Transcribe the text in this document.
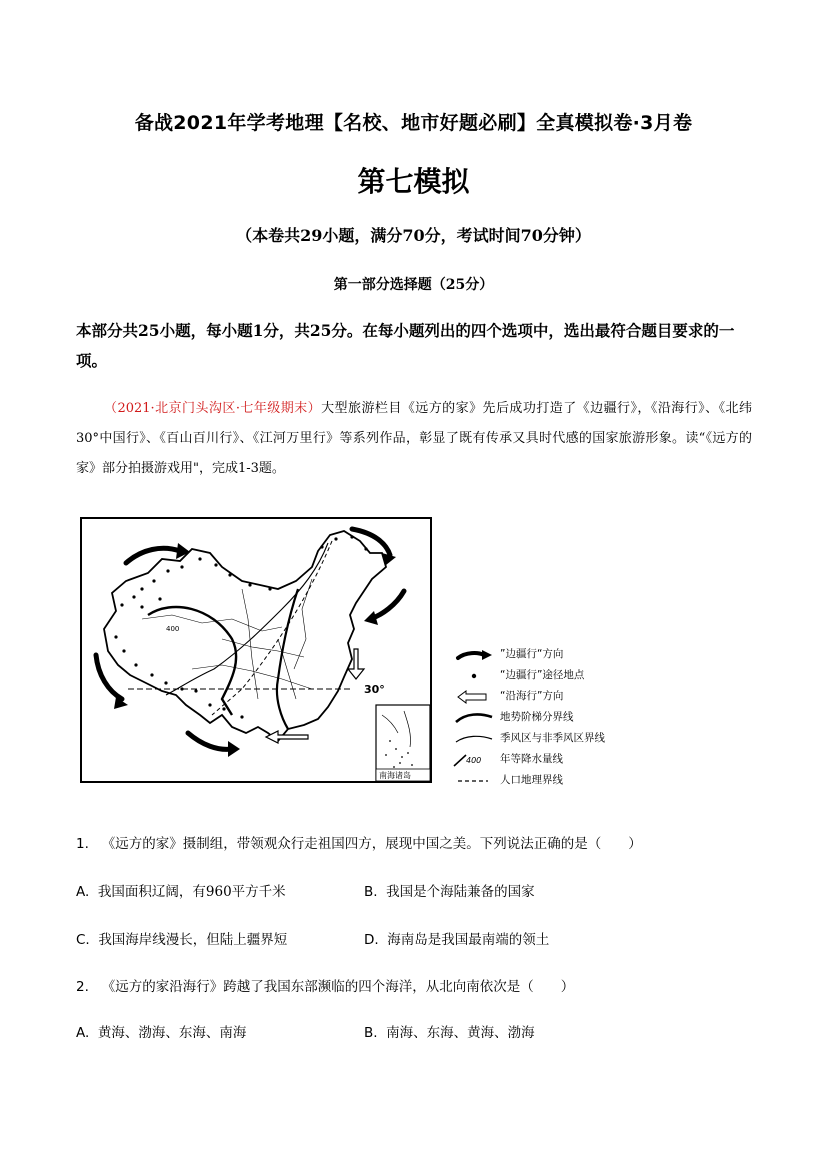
备战2021年学考地理【名校、地市好题必刷】全真模拟卷·3月卷
第七模拟
（本卷共29小题，满分70分，考试时间70分钟）
第一部分选择题（25分）
本部分共25小题，每小题1分，共25分。在每小题列出的四个选项中，选出最符合题目要求的一项。
（2021·北京门头沟区·七年级期末）大型旅游栏目《远方的家》先后成功打造了《边疆行》，《沿海行》、《北纬30°中国行》、《百山百川行》、《江河万里行》等系列作品，彰显了既有传承又具时代感的国家旅游形象。读“《远方的家》部分拍摄游戏用"，完成1-3题。
30°
400
南海诸岛
”边疆行“方向
“边疆行”途径地点
“沿海行”方向
地势阶梯分界线
季风区与非季风区界线
400 年等降水量线
人口地理界线
1. 《远方的家》摄制组，带领观众行走祖国四方，展现中国之美。下列说法正确的是（　　）
A. 我国面积辽阔，有960平方千米	B. 我国是个海陆兼备的国家
C. 我国海岸线漫长，但陆上疆界短	D. 海南岛是我国最南端的领土
2. 《远方的家沿海行》跨越了我国东部濒临的四个海洋，从北向南依次是（　　）
A. 黄海、渤海、东海、南海	B. 南海、东海、黄海、渤海
